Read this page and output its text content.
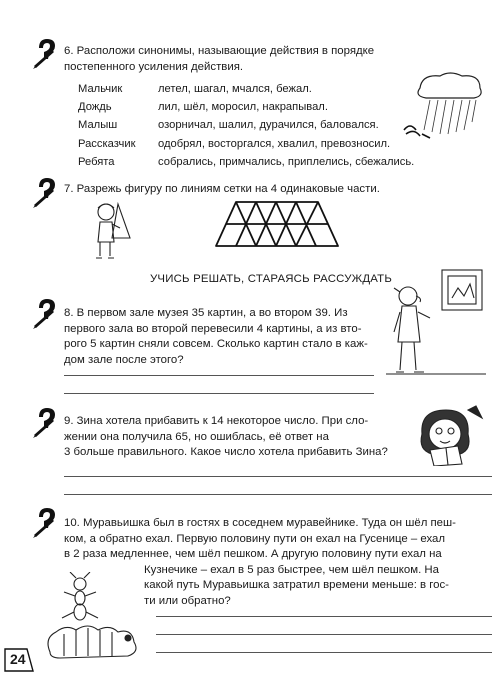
6. Расположи синонимы, называющие действия в порядке

постепенного усиления действия.

Мальчик	летел, шагал, мчался, бежал.
Дождь	лил, шёл, моросил, накрапывал.
Малыш	озорничал, шалил, дурачился, баловался.
Рассказчик	одобрял, восторгался, хвалил, превозносил.
Ребята	собрались, примчались, приплелись, сбежались.

7. Разрежь фигуру по линиям сетки на 4 одинаковые части.

УЧИСЬ РЕШАТЬ, СТАРАЯСЬ РАССУЖДАТЬ

8. В первом зале музея 35 картин, а во втором 39. Из

первого зала во второй перевесили 4 картины, а из вто-

рого 5 картин сняли совсем. Сколько картин стало в каж-

дом зале после этого?

9. Зина хотела прибавить к 14 некоторое число. При сло-

жении она получила 65, но ошиблась, её ответ на

3 больше правильного. Какое число хотела прибавить Зина?

10. Муравьишка был в гостях в соседнем муравейнике. Туда он шёл пеш-

ком, а обратно ехал. Первую половину пути он ехал на Гусенице – ехал

в 2 раза медленнее, чем шёл пешком. А другую половину пути ехал на

Кузнечике – ехал в 5 раз быстрее, чем шёл пешком. На

какой путь Муравьишка затратил времени меньше: в гос-

ти или обратно?

24
